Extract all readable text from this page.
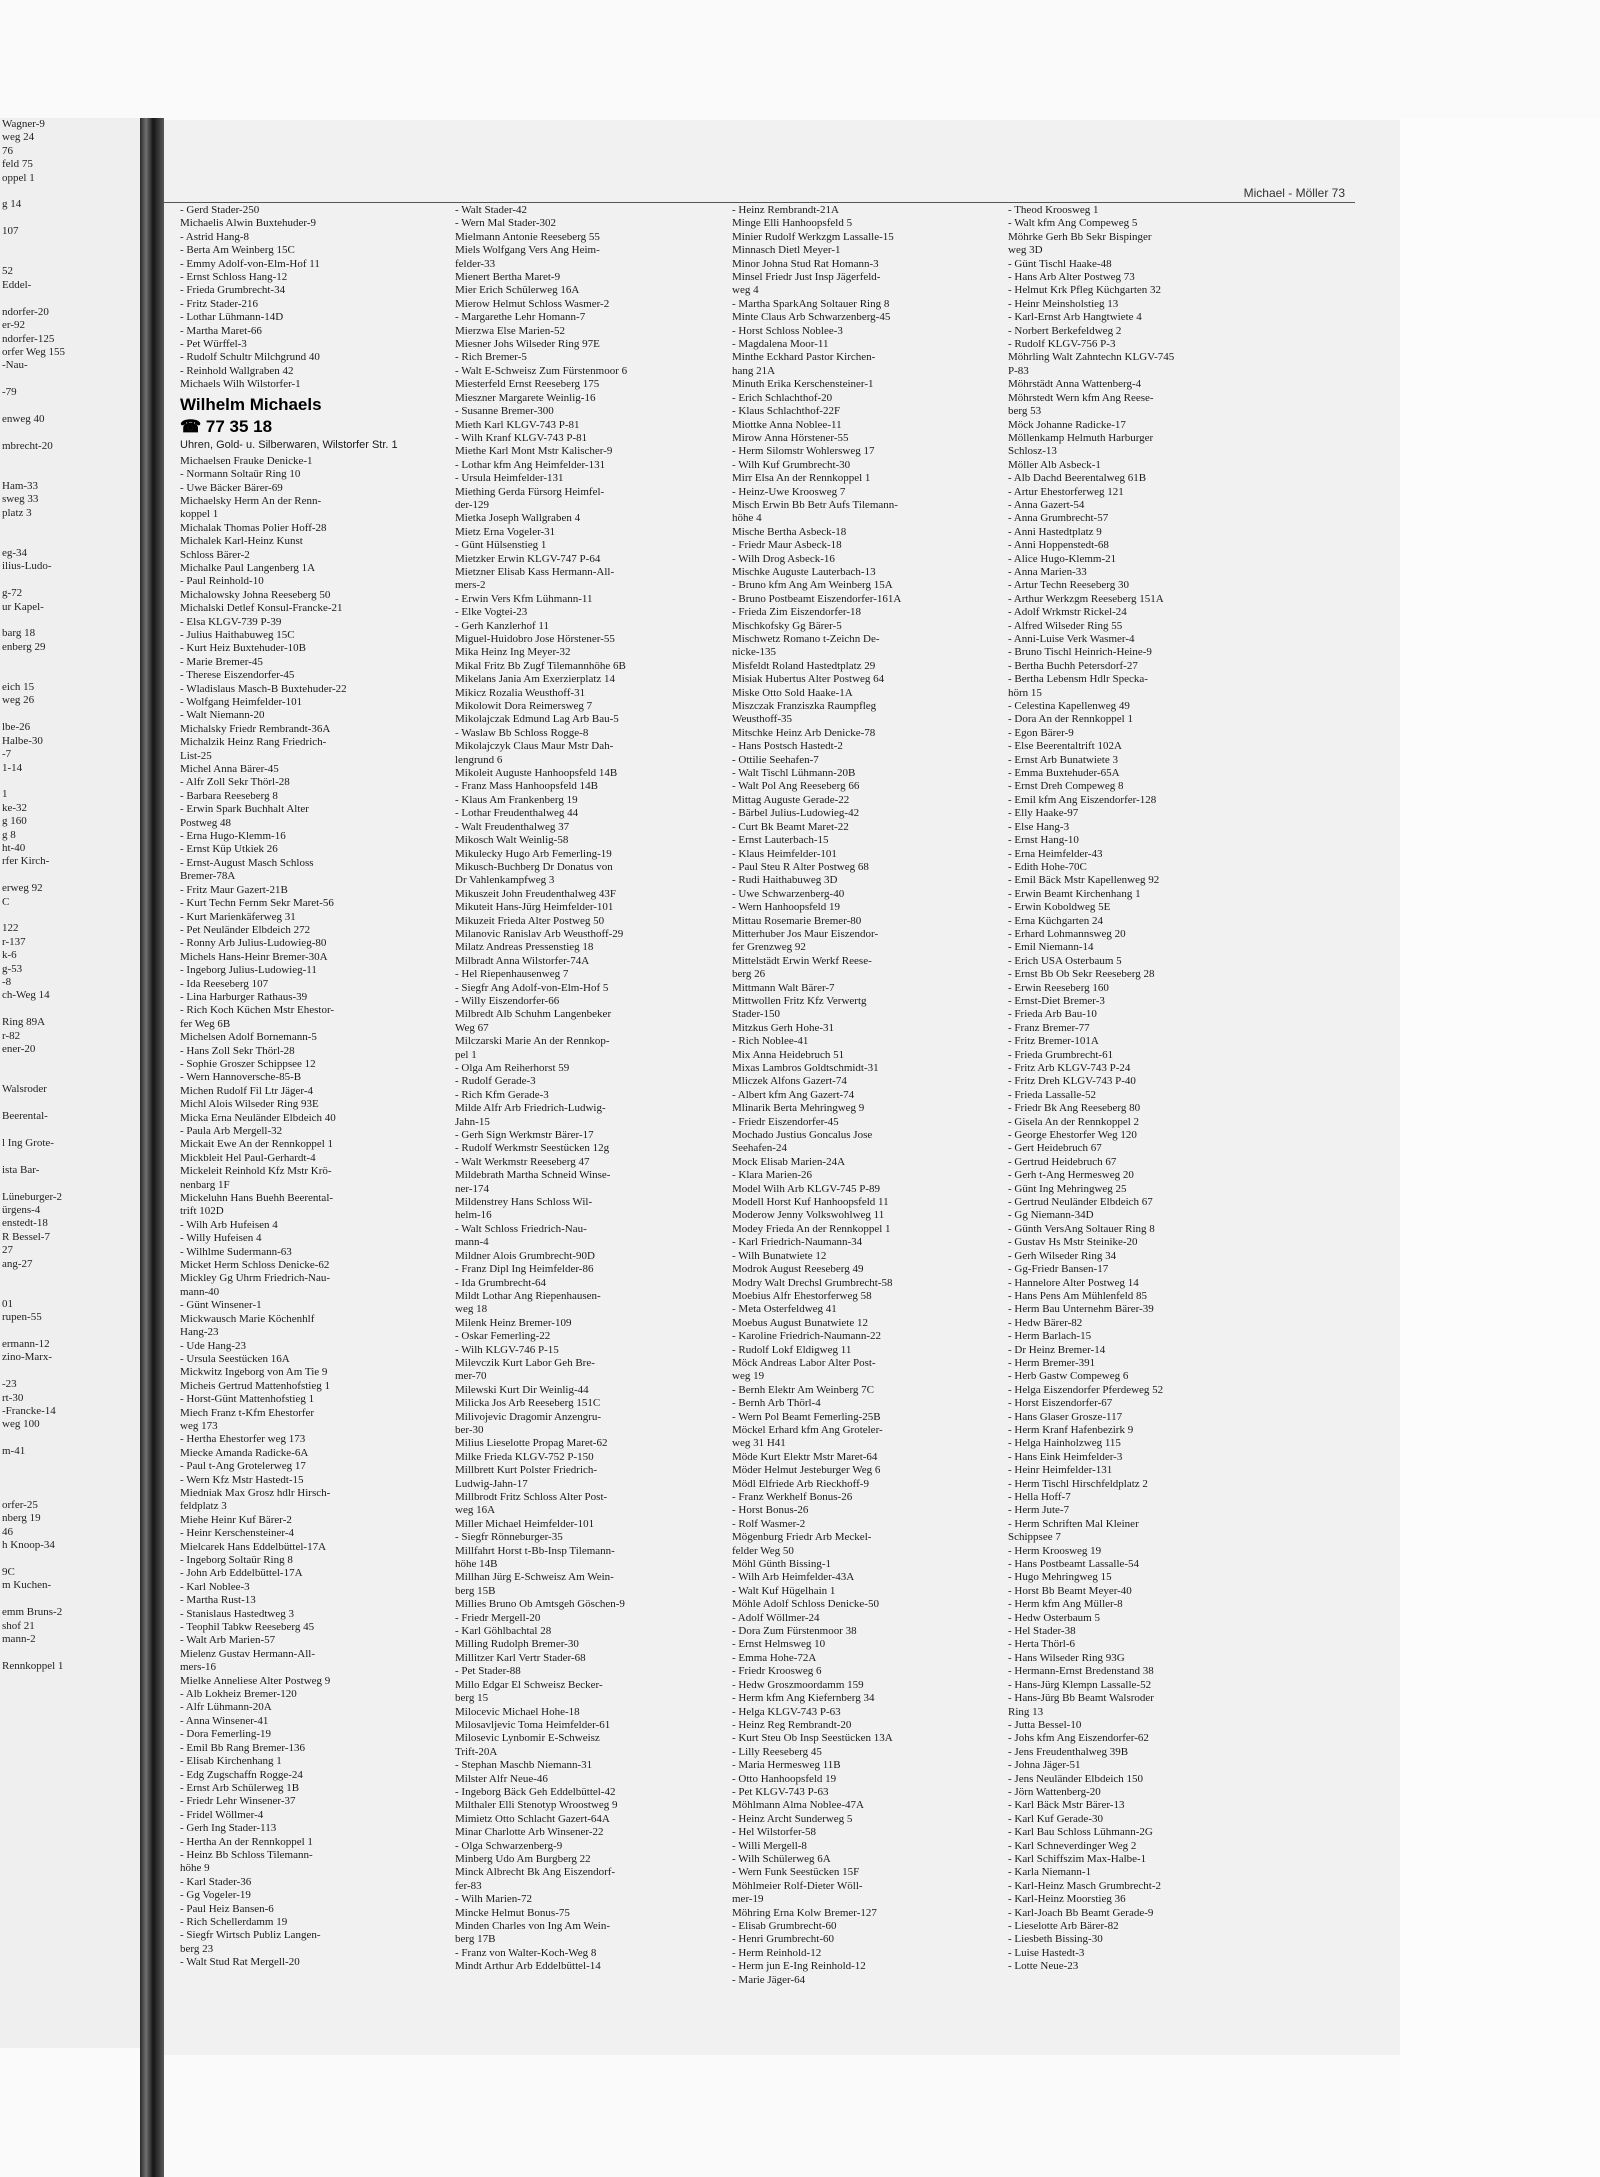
Wagner-9
weg 24
76
feld 75
oppel 1

g 14

107

52
Eddel-

ndorfer-20
er-92
ndorfer-125
orfer Weg 155
-Nau-

-79

enweg 40

mbrecht-20

Ham-33
sweg 33
platz 3

eg-34
ilius-Ludo-

g-72
ur Kapel-

barg 18
enberg 29

eich 15
weg 26

lbe-26
Halbe-30
-7
1-14

1
ke-32
g 160
g 8
ht-40
rfer Kirch-

erweg 92
C

122
r-137
k-6
g-53
-8
ch-Weg 14

Ring 89A
r-82
ener-20

Walsroder

Beerental-

l Ing Grote-

ista Bar-

Lüneburger-2
ürgens-4
enstedt-18
R Bessel-7
27
ang-27

01
rupen-55

ermann-12
zino-Marx-

-23
rt-30
-Francke-14
weg 100

m-41

orfer-25
nberg 19
46
h Knoop-34

9C
m Kuchen-

emm Bruns-2
shof 21
mann-2

Rennkoppel 1
Michael - Möller 73
- Gerd Stader-250
Michaelis Alwin Buxtehuder-9
- Astrid Hang-8
- Berta Am Weinberg 15C
- Emmy Adolf-von-Elm-Hof 11
- Ernst Schloss Hang-12
- Frieda Grumbrecht-34
- Fritz Stader-216
- Lothar Lühmann-14D
- Martha Maret-66
- Pet Würffel-3
- Rudolf Schultr Milchgrund 40
- Reinhold Wallgraben 42
Michaels Wilh Wilstorfer-1
Wilhelm Michaels
☎ 77 35 18
Uhren, Gold- u. Silberwaren, Wilstorfer Str. 1
Michaelsen Frauke Denicke-1
- Normann Soltaür Ring 10
- Uwe Bäcker Bärer-69
Michaelsky Herm An der Renn-
koppel 1
Michalak Thomas Polier Hoff-28
Michalek Karl-Heinz Kunst
Schloss Bärer-2
Michalke Paul Langenberg 1A
- Paul Reinhold-10
Michalowsky Johna Reeseberg 50
Michalski Detlef Konsul-Francke-21
- Elsa KLGV-739 P-39
- Julius Haithabuweg 15C
- Kurt Heiz Buxtehuder-10B
- Marie Bremer-45
- Therese Eiszendorfer-45
- Wladislaus Masch-B Buxtehuder-22
- Wolfgang Heimfelder-101
- Walt Niemann-20
Michalsky Friedr Rembrandt-36A
Michalzik Heinz Rang Friedrich-
List-25
Michel Anna Bärer-45
- Alfr Zoll Sekr Thörl-28
- Barbara Reeseberg 8
- Erwin Spark Buchhalt Alter
Postweg 48
- Erna Hugo-Klemm-16
- Ernst Küp Utkiek 26
- Ernst-August Masch Schloss
Bremer-78A
- Fritz Maur Gazert-21B
- Kurt Techn Fernm Sekr Maret-56
- Kurt Marienkäferweg 31
- Pet Neuländer Elbdeich 272
- Ronny Arb Julius-Ludowieg-80
Michels Hans-Heinr Bremer-30A
- Ingeborg Julius-Ludowieg-11
- Ida Reeseberg 107
- Lina Harburger Rathaus-39
- Rich Koch Küchen Mstr Ehestor-
fer Weg 6B
Michelsen Adolf Bornemann-5
- Hans Zoll Sekr Thörl-28
- Sophie Groszer Schippsee 12
- Wern Hannoversche-85-B
Michen Rudolf Fil Ltr Jäger-4
Michl Alois Wilseder Ring 93E
Micka Erna Neuländer Elbdeich 40
- Paula Arb Mergell-32
Mickait Ewe An der Rennkoppel 1
Mickbleit Hel Paul-Gerhardt-4
Mickeleit Reinhold Kfz Mstr Krö-
nenbarg 1F
Mickeluhn Hans Buehh Beerental-
trift 102D
- Wilh Arb Hufeisen 4
- Willy Hufeisen 4
- Wilhlme Sudermann-63
Micket Herm Schloss Denicke-62
Mickley Gg Uhrm Friedrich-Nau-
mann-40
- Günt Winsener-1
Mickwausch Marie Köchenhlf
Hang-23
- Ude Hang-23
- Ursula Seestücken 16A
Mickwitz Ingeborg von Am Tie 9
Micheis Gertrud Mattenhofstieg 1
- Horst-Günt Mattenhofstieg 1
Miech Franz t-Kfm Ehestorfer
weg 173
- Hertha Ehestorfer weg 173
Miecke Amanda Radicke-6A
- Paul t-Ang Grotelerweg 17
- Wern Kfz Mstr Hastedt-15
Miedniak Max Grosz hdlr Hirsch-
feldplatz 3
Miehe Heinr Kuf Bärer-2
- Heinr Kerschensteiner-4
Mielcarek Hans Eddelbüttel-17A
- Ingeborg Soltaür Ring 8
- John Arb Eddelbüttel-17A
- Karl Noblee-3
- Martha Rust-13
- Stanislaus Hastedtweg 3
- Teophil Tabkw Reeseberg 45
- Walt Arb Marien-57
Mielenz Gustav Hermann-All-
mers-16
Mielke Anneliese Alter Postweg 9
- Alb Lokheiz Bremer-120
- Alfr Lühmann-20A
- Anna Winsener-41
- Dora Femerling-19
- Emil Bb Rang Bremer-136
- Elisab Kirchenhang 1
- Edg Zugschaffn Rogge-24
- Ernst Arb Schülerweg 1B
- Friedr Lehr Winsener-37
- Fridel Wöllmer-4
- Gerh Ing Stader-113
- Hertha An der Rennkoppel 1
- Heinz Bb Schloss Tilemann-
höhe 9
- Karl Stader-36
- Gg Vogeler-19
- Paul Heiz Bansen-6
- Rich Schellerdamm 19
- Siegfr Wirtsch Publiz Langen-
berg 23
- Walt Stud Rat Mergell-20
- Walt Stader-42
- Wern Mal Stader-302
Mielmann Antonie Reeseberg 55
Miels Wolfgang Vers Ang Heim-
felder-33
Mienert Bertha Maret-9
Mier Erich Schülerweg 16A
Mierow Helmut Schloss Wasmer-2
- Margarethe Lehr Homann-7
Mierzwa Else Marien-52
Miesner Johs Wilseder Ring 97E
- Rich Bremer-5
- Walt E-Schweisz Zum Fürstenmoor 6
Miesterfeld Ernst Reeseberg 175
Mieszner Margarete Weinlig-16
- Susanne Bremer-300
Mieth Karl KLGV-743 P-81
- Wilh Kranf KLGV-743 P-81
Miethe Karl Mont Mstr Kalischer-9
- Lothar kfm Ang Heimfelder-131
- Ursula Heimfelder-131
Miething Gerda Fürsorg Heimfel-
der-129
Mietka Joseph Wallgraben 4
Mietz Erna Vogeler-31
- Günt Hülsenstieg 1
Mietzker Erwin KLGV-747 P-64
Mietzner Elisab Kass Hermann-All-
mers-2
- Erwin Vers Kfm Lühmann-11
- Elke Vogtei-23
- Gerh Kanzlerhof 11
Miguel-Huidobro Jose Hörstener-55
Mika Heinz Ing Meyer-32
Mikal Fritz Bb Zugf Tilemannhöhe 6B
Mikelans Jania Am Exerzierplatz 14
Mikicz Rozalia Weusthoff-31
Mikolowit Dora Reimersweg 7
Mikolajczak Edmund Lag Arb Bau-5
- Waslaw Bb Schloss Rogge-8
Mikolajczyk Claus Maur Mstr Dah-
lengrund 6
Mikoleit Auguste Hanhoopsfeld 14B
- Franz Mass Hanhoopsfeld 14B
- Klaus Am Frankenberg 19
- Lothar Freudenthalweg 44
- Walt Freudenthalweg 37
Mikosch Walt Weinlig-58
Mikulecky Hugo Arb Femerling-19
Mikusch-Buchberg Dr Donatus von
Dr Vahlenkampfweg 3
Mikuszeit John Freudenthalweg 43F
Mikuteit Hans-Jürg Heimfelder-101
Mikuzeit Frieda Alter Postweg 50
Milanovic Ranislav Arb Weusthoff-29
Milatz Andreas Pressenstieg 18
Milbradt Anna Wilstorfer-74A
- Hel Riepenhausenweg 7
- Siegfr Ang Adolf-von-Elm-Hof 5
- Willy Eiszendorfer-66
Milbredt Alb Schuhm Langenbeker
Weg 67
Milczarski Marie An der Rennkop-
pel 1
- Olga Am Reiherhorst 59
- Rudolf Gerade-3
- Rich Kfm Gerade-3
Milde Alfr Arb Friedrich-Ludwig-
Jahn-15
- Gerh Sign Werkmstr Bärer-17
- Rudolf Werkmstr Seestücken 12g
- Walt Werkmstr Reeseberg 47
Mildebrath Martha Schneid Winse-
ner-174
Mildenstrey Hans Schloss Wil-
helm-16
- Walt Schloss Friedrich-Nau-
mann-4
Mildner Alois Grumbrecht-90D
- Franz Dipl Ing Heimfelder-86
- Ida Grumbrecht-64
Mildt Lothar Ang Riepenhausen-
weg 18
Milenk Heinz Bremer-109
- Oskar Femerling-22
- Wilh KLGV-746 P-15
Milevczik Kurt Labor Geh Bre-
mer-70
Milewski Kurt Dir Weinlig-44
Milicka Jos Arb Reeseberg 151C
Milivojevic Dragomir Anzengru-
ber-30
Milius Lieselotte Propag Maret-62
Milke Frieda KLGV-752 P-150
Millbrett Kurt Polster Friedrich-
Ludwig-Jahn-17
Millbrodt Fritz Schloss Alter Post-
weg 16A
Miller Michael Heimfelder-101
- Siegfr Rönneburger-35
Millfahrt Horst t-Bb-Insp Tilemann-
höhe 14B
Millhan Jürg E-Schweisz Am Wein-
berg 15B
Millies Bruno Ob Amtsgeh Göschen-9
- Friedr Mergell-20
- Karl Göhlbachtal 28
Milling Rudolph Bremer-30
Millitzer Karl Vertr Stader-68
- Pet Stader-88
Millo Edgar El Schweisz Becker-
berg 15
Milocevic Michael Hohe-18
Milosavljevic Toma Heimfelder-61
Milosevic Lynbomir E-Schweisz
Trift-20A
- Stephan Maschb Niemann-31
Milster Alfr Neue-46
- Ingeborg Bäck Geh Eddelbüttel-42
Milthaler Elli Stenotyp Wroostweg 9
Mimietz Otto Schlacht Gazert-64A
Minar Charlotte Arb Winsener-22
- Olga Schwarzenberg-9
Minberg Udo Am Burgberg 22
Minck Albrecht Bk Ang Eiszendorf-
fer-83
- Wilh Marien-72
Mincke Helmut Bonus-75
Minden Charles von Ing Am Wein-
berg 17B
- Franz von Walter-Koch-Weg 8
Mindt Arthur Arb Eddelbüttel-14
- Heinz Rembrandt-21A
Minge Elli Hanhoopsfeld 5
Minier Rudolf Werkzgm Lassalle-15
Minnasch Dietl Meyer-1
Minor Johna Stud Rat Homann-3
Minsel Friedr Just Insp Jägerfeld-
weg 4
- Martha SparkAng Soltauer Ring 8
Minte Claus Arb Schwarzenberg-45
- Horst Schloss Noblee-3
- Magdalena Moor-11
Minthe Eckhard Pastor Kirchen-
hang 21A
Minuth Erika Kerschensteiner-1
- Erich Schlachthof-20
- Klaus Schlachthof-22F
Miottke Anna Noblee-11
Mirow Anna Hörstener-55
- Herm Silomstr Wohlersweg 17
- Wilh Kuf Grumbrecht-30
Mirr Elsa An der Rennkoppel 1
- Heinz-Uwe Kroosweg 7
Misch Erwin Bb Betr Aufs Tilemann-
höhe 4
Mische Bertha Asbeck-18
- Friedr Maur Asbeck-18
- Wilh Drog Asbeck-16
Mischke Auguste Lauterbach-13
- Bruno kfm Ang Am Weinberg 15A
- Bruno Postbeamt Eiszendorfer-161A
- Frieda Zim Eiszendorfer-18
Mischkofsky Gg Bärer-5
Mischwetz Romano t-Zeichn De-
nicke-135
Misfeldt Roland Hastedtplatz 29
Misiak Hubertus Alter Postweg 64
Miske Otto Sold Haake-1A
Miszczak Franziszka Raumpfleg
Weusthoff-35
Mitschke Heinz Arb Denicke-78
- Hans Postsch Hastedt-2
- Ottilie Seehafen-7
- Walt Tischl Lühmann-20B
- Walt Pol Ang Reeseberg 66
Mittag Auguste Gerade-22
- Bärbel Julius-Ludowieg-42
- Curt Bk Beamt Maret-22
- Ernst Lauterbach-15
- Klaus Heimfelder-101
- Paul Steu R Alter Postweg 68
- Rudi Haithabuweg 3D
- Uwe Schwarzenberg-40
- Wern Hanhoopsfeld 19
Mittau Rosemarie Bremer-80
Mitterhuber Jos Maur Eiszendor-
fer Grenzweg 92
Mittelstädt Erwin Werkf Reese-
berg 26
Mittmann Walt Bärer-7
Mittwollen Fritz Kfz Verwertg
Stader-150
Mitzkus Gerh Hohe-31
- Rich Noblee-41
Mix Anna Heidebruch 51
Mixas Lambros Goldtschmidt-31
Mliczek Alfons Gazert-74
- Albert kfm Ang Gazert-74
Mlinarik Berta Mehringweg 9
- Friedr Eiszendorfer-45
Mochado Justius Goncalus Jose
Seehafen-24
Mock Elisab Marien-24A
- Klara Marien-26
Model Wilh Arb KLGV-745 P-89
Modell Horst Kuf Hanhoopsfeld 11
Moderow Jenny Volkswohlweg 11
Modey Frieda An der Rennkoppel 1
- Karl Friedrich-Naumann-34
- Wilh Bunatwiete 12
Modrok August Reeseberg 49
Modry Walt Drechsl Grumbrecht-58
Moebius Alfr Ehestorferweg 58
- Meta Osterfeldweg 41
Moebus August Bunatwiete 12
- Karoline Friedrich-Naumann-22
- Rudolf Lokf Eldigweg 11
Möck Andreas Labor Alter Post-
weg 19
- Bernh Elektr Am Weinberg 7C
- Bernh Arb Thörl-4
- Wern Pol Beamt Femerling-25B
Möckel Erhard kfm Ang Groteler-
weg 31 H41
Möde Kurt Elektr Mstr Maret-64
Möder Helmut Jesteburger Weg 6
Mödl Elfriede Arb Rieckhoff-9
- Franz Werkhelf Bonus-26
- Horst Bonus-26
- Rolf Wasmer-2
Mögenburg Friedr Arb Meckel-
felder Weg 50
Möhl Günth Bissing-1
- Wilh Arb Heimfelder-43A
- Walt Kuf Hügelhain 1
Möhle Adolf Schloss Denicke-50
- Adolf Wöllmer-24
- Dora Zum Fürstenmoor 38
- Ernst Helmsweg 10
- Emma Hohe-72A
- Friedr Kroosweg 6
- Hedw Groszmoordamm 159
- Herm kfm Ang Kiefernberg 34
- Helga KLGV-743 P-63
- Heinz Reg Rembrandt-20
- Kurt Steu Ob Insp Seestücken 13A
- Lilly Reeseberg 45
- Maria Hermesweg 11B
- Otto Hanhoopsfeld 19
- Pet KLGV-743 P-63
Möhlmann Alma Noblee-47A
- Heinz Archt Sunderweg 5
- Hel Wilstorfer-58
- Willi Mergell-8
- Wilh Schülerweg 6A
- Wern Funk Seestücken 15F
Möhlmeier Rolf-Dieter Wöll-
mer-19
Möhring Erna Kolw Bremer-127
- Elisab Grumbrecht-60
- Henri Grumbrecht-60
- Herm Reinhold-12
- Herm jun E-Ing Reinhold-12
- Marie Jäger-64
- Theod Kroosweg 1
- Walt kfm Ang Compeweg 5
Möhrke Gerh Bb Sekr Bispinger
weg 3D
- Günt Tischl Haake-48
- Hans Arb Alter Postweg 73
- Helmut Krk Pfleg Küchgarten 32
- Heinr Meinsholstieg 13
- Karl-Ernst Arb Hangtwiete 4
- Norbert Berkefeldweg 2
- Rudolf KLGV-756 P-3
Möhrling Walt Zahntechn KLGV-745
P-83
Möhrstädt Anna Wattenberg-4
Möhrstedt Wern kfm Ang Reese-
berg 53
Möck Johanne Radicke-17
Möllenkamp Helmuth Harburger
Schlosz-13
Möller Alb Asbeck-1
- Alb Dachd Beerentalweg 61B
- Artur Ehestorferweg 121
- Anna Gazert-54
- Anna Grumbrecht-57
- Anni Hastedtplatz 9
- Anni Hoppenstedt-68
- Alice Hugo-Klemm-21
- Anna Marien-33
- Artur Techn Reeseberg 30
- Arthur Werkzgm Reeseberg 151A
- Adolf Wrkmstr Rickel-24
- Alfred Wilseder Ring 55
- Anni-Luise Verk Wasmer-4
- Bruno Tischl Heinrich-Heine-9
- Bertha Buchh Petersdorf-27
- Bertha Lebensm Hdlr Specka-
hörn 15
- Celestina Kapellenweg 49
- Dora An der Rennkoppel 1
- Egon Bärer-9
- Else Beerentaltrift 102A
- Ernst Arb Bunatwiete 3
- Emma Buxtehuder-65A
- Ernst Dreh Compeweg 8
- Emil kfm Ang Eiszendorfer-128
- Elly Haake-97
- Else Hang-3
- Ernst Hang-10
- Erna Heimfelder-43
- Edith Hohe-70C
- Emil Bäck Mstr Kapellenweg 92
- Erwin Beamt Kirchenhang 1
- Erwin Koboldweg 5E
- Erna Küchgarten 24
- Erhard Lohmannsweg 20
- Emil Niemann-14
- Erich USA Osterbaum 5
- Ernst Bb Ob Sekr Reeseberg 28
- Erwin Reeseberg 160
- Ernst-Diet Bremer-3
- Frieda Arb Bau-10
- Franz Bremer-77
- Fritz Bremer-101A
- Frieda Grumbrecht-61
- Fritz Arb KLGV-743 P-24
- Fritz Dreh KLGV-743 P-40
- Frieda Lassalle-52
- Friedr Bk Ang Reeseberg 80
- Gisela An der Rennkoppel 2
- George Ehestorfer Weg 120
- Gert Heidebruch 67
- Gertrud Heidebruch 67
- Gerh t-Ang Hermesweg 20
- Günt Ing Mehringweg 25
- Gertrud Neuländer Elbdeich 67
- Gg Niemann-34D
- Günth VersAng Soltauer Ring 8
- Gustav Hs Mstr Steinike-20
- Gerh Wilseder Ring 34
- Gg-Friedr Bansen-17
- Hannelore Alter Postweg 14
- Hans Pens Am Mühlenfeld 85
- Herm Bau Unternehm Bärer-39
- Hedw Bärer-82
- Herm Barlach-15
- Dr Heinz Bremer-14
- Herm Bremer-391
- Herb Gastw Compeweg 6
- Helga Eiszendorfer Pferdeweg 52
- Horst Eiszendorfer-67
- Hans Glaser Grosze-117
- Herm Kranf Hafenbezirk 9
- Helga Hainholzweg 115
- Hans Eink Heimfelder-3
- Heinr Heimfelder-131
- Herm Tischl Hirschfeldplatz 2
- Hella Hoff-7
- Herm Jute-7
- Herm Schriften Mal Kleiner
Schippsee 7
- Herm Kroosweg 19
- Hans Postbeamt Lassalle-54
- Hugo Mehringweg 15
- Horst Bb Beamt Meyer-40
- Herm kfm Ang Müller-8
- Hedw Osterbaum 5
- Hel Stader-38
- Herta Thörl-6
- Hans Wilseder Ring 93G
- Hermann-Ernst Bredenstand 38
- Hans-Jürg Klempn Lassalle-52
- Hans-Jürg Bb Beamt Walsroder
Ring 13
- Jutta Bessel-10
- Johs kfm Ang Eiszendorfer-62
- Jens Freudenthalweg 39B
- Johna Jäger-51
- Jens Neuländer Elbdeich 150
- Jörn Wattenberg-20
- Karl Bäck Mstr Bärer-13
- Karl Kuf Gerade-30
- Karl Bau Schloss Lühmann-2G
- Karl Schneverdinger Weg 2
- Karl Schiffszim Max-Halbe-1
- Karla Niemann-1
- Karl-Heinz Masch Grumbrecht-2
- Karl-Heinz Moorstieg 36
- Karl-Joach Bb Beamt Gerade-9
- Lieselotte Arb Bärer-82
- Liesbeth Bissing-30
- Luise Hastedt-3
- Lotte Neue-23
